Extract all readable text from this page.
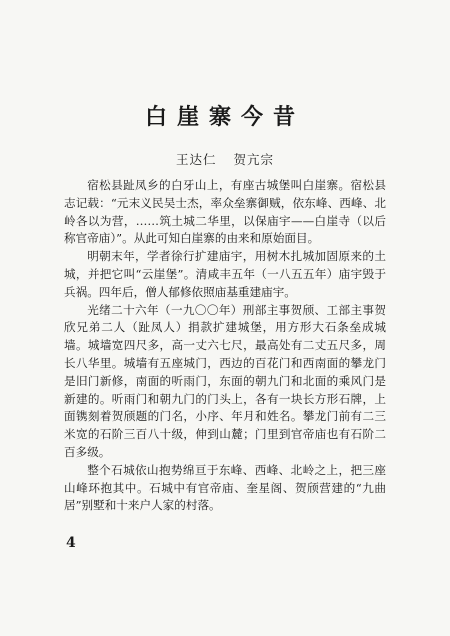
白崖寨今昔
王达仁 贺亢宗

宿松县趾凤乡的白牙山上，有座古城堡叫白崖寨。宿松县志记载：“元末义民吴士杰，率众垒寨御贼，依东峰、西峰、北岭各以为营，……筑土城二华里，以保庙宇——白崖寺（以后称官帝庙）”。从此可知白崖寨的由来和原始面目。

明朝末年，学者徐行扩建庙宇，用树木扎城加固原来的土城，并把它叫“云崖堡”。清咸丰五年（一八五五年）庙宇毁于兵祸。四年后，僧人郁修依照庙基重建庙宇。

光绪二十六年（一九〇〇年）刑部主事贺颀、工部主事贺欣兄弟二人（趾凤人）捐款扩建城堡，用方形大石条垒成城墙。城墙宽四尺多，高一丈六七尺，最高处有二丈五尺多，周长八华里。城墙有五座城门，西边的百花门和西南面的攀龙门是旧门新修，南面的听雨门，东面的朝九门和北面的乘风门是新建的。听雨门和朝九门的门头上，各有一块长方形石牌，上面镌刻着贺颀题的门名，小序、年月和姓名。攀龙门前有二三米宽的石阶三百八十级，伸到山麓；门里到官帝庙也有石阶二百多级。

整个石城依山抱势绵亘于东峰、西峰、北岭之上，把三座山峰环抱其中。石城中有官帝庙、奎星阁、贺颀营建的“九曲居”别墅和十来户人家的村落。

4
